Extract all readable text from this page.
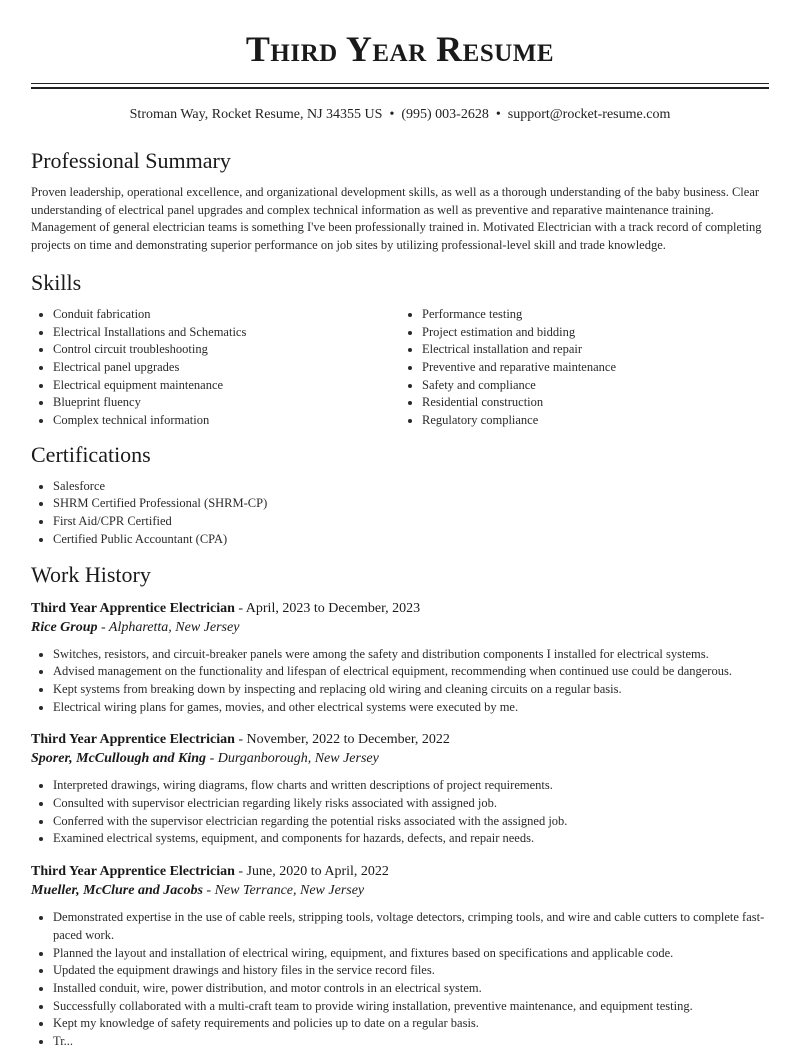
Third Year Resume
Stroman Way, Rocket Resume, NJ 34355 US • (995) 003-2628 • support@rocket-resume.com
Professional Summary

Proven leadership, operational excellence, and organizational development skills, as well as a thorough understanding of the baby business. Clear understanding of electrical panel upgrades and complex technical information as well as preventive and reparative maintenance training. Management of general electrician teams is something I've been professionally trained in. Motivated Electrician with a track record of completing projects on time and demonstrating superior performance on job sites by utilizing professional-level skill and trade knowledge.

Skills
• Conduit fabrication
• Electrical Installations and Schematics
• Control circuit troubleshooting
• Electrical panel upgrades
• Electrical equipment maintenance
• Blueprint fluency
• Complex technical information
• Performance testing
• Project estimation and bidding
• Electrical installation and repair
• Preventive and reparative maintenance
• Safety and compliance
• Residential construction
• Regulatory compliance
Certifications
• Salesforce
• SHRM Certified Professional (SHRM-CP)
• First Aid/CPR Certified
• Certified Public Accountant (CPA)
Work History
Third Year Apprentice Electrician - April, 2023 to December, 2023
Rice Group - Alpharetta, New Jersey
• Switches, resistors, and circuit-breaker panels were among the safety and distribution components I installed for electrical systems.
• Advised management on the functionality and lifespan of electrical equipment, recommending when continued use could be dangerous.
• Kept systems from breaking down by inspecting and replacing old wiring and cleaning circuits on a regular basis.
• Electrical wiring plans for games, movies, and other electrical systems were executed by me.
Third Year Apprentice Electrician - November, 2022 to December, 2022
Sporer, McCullough and King - Durganborough, New Jersey
• Interpreted drawings, wiring diagrams, flow charts and written descriptions of project requirements.
• Consulted with supervisor electrician regarding likely risks associated with assigned job.
• Conferred with the supervisor electrician regarding the potential risks associated with the assigned job.
• Examined electrical systems, equipment, and components for hazards, defects, and repair needs.
Third Year Apprentice Electrician - June, 2020 to April, 2022
Mueller, McClure and Jacobs - New Terrance, New Jersey
• Demonstrated expertise in the use of cable reels, stripping tools, voltage detectors, crimping tools, and wire and cable cutters to complete fast-paced work.
• Planned the layout and installation of electrical wiring, equipment, and fixtures based on specifications and applicable code.
• Updated the equipment drawings and history files in the service record files.
• Installed conduit, wire, power distribution, and motor controls in an electrical system.
• Successfully collaborated with a multi-craft team to provide wiring installation, preventive maintenance, and equipment testing.
• Kept my knowledge of safety requirements and policies up to date on a regular basis.
• Tr...
